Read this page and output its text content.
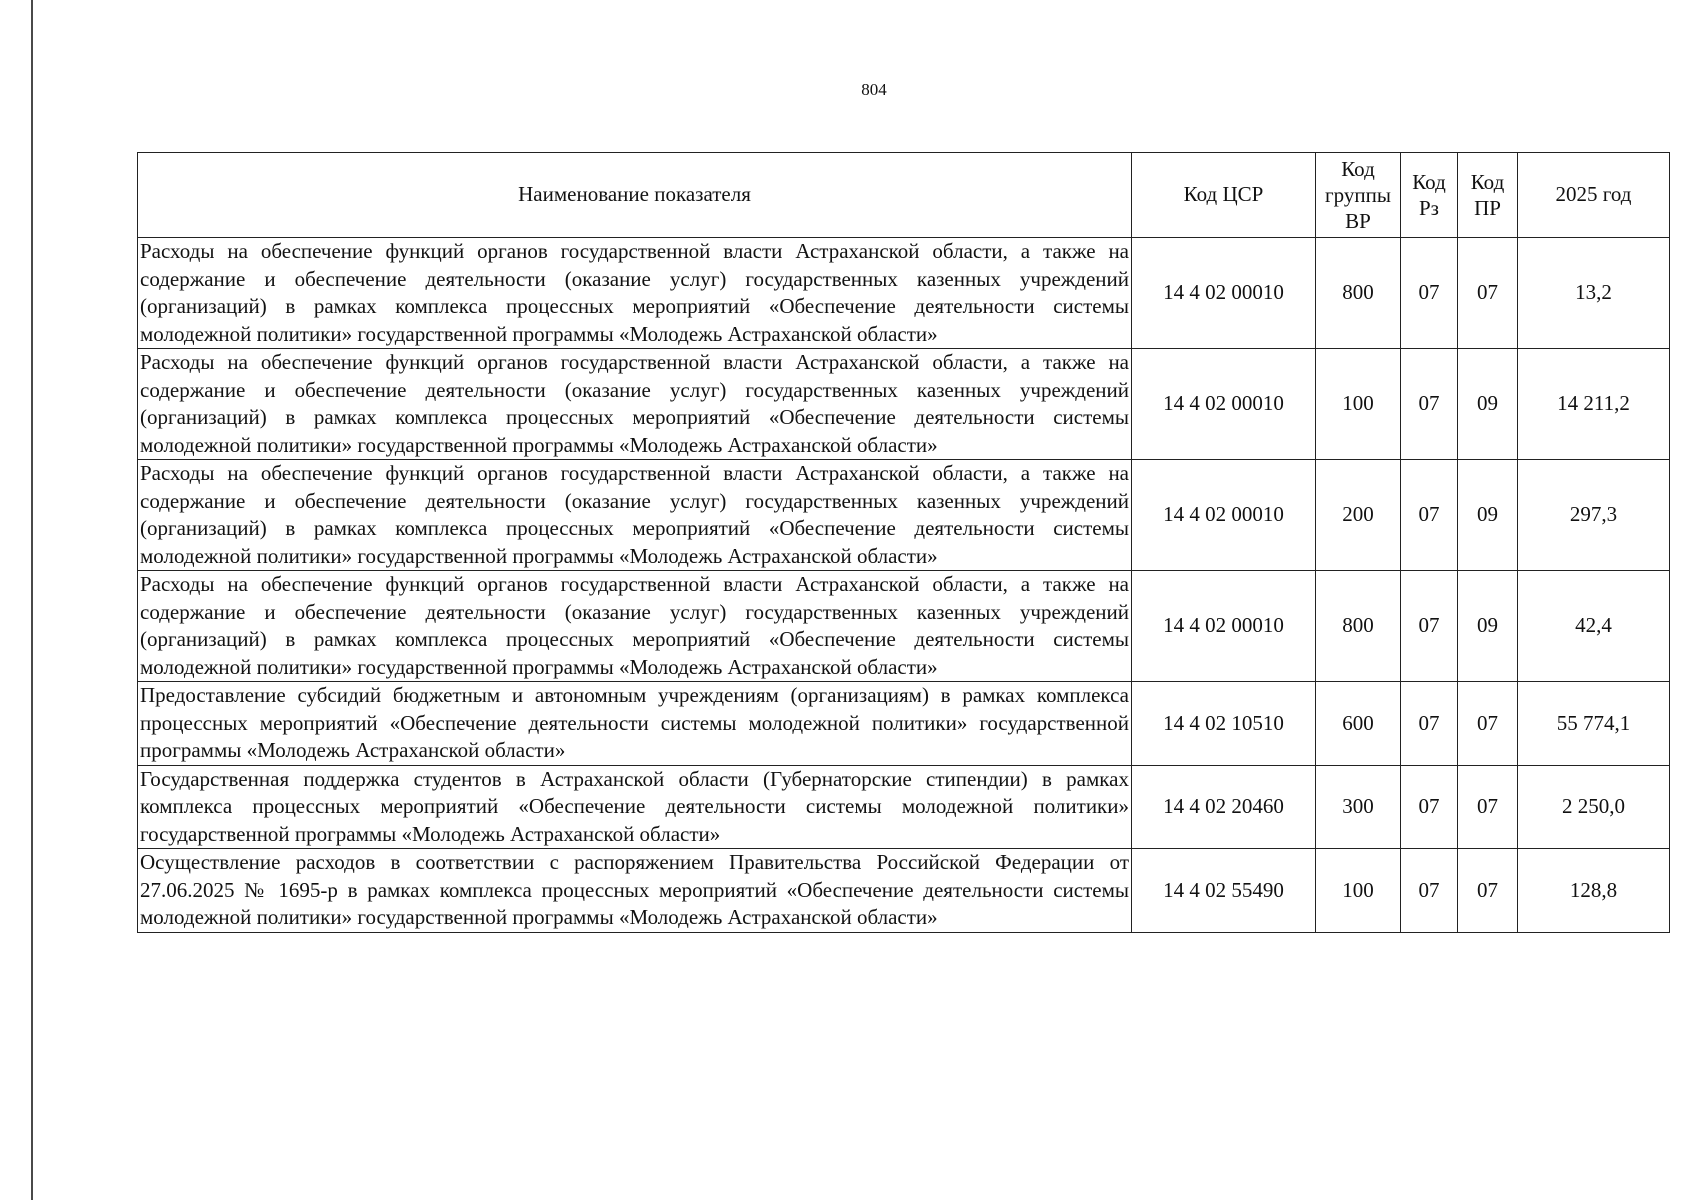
804
Наименование показателя	Код ЦСР	Код группы ВР	Код Рз	Код ПР	2025 год
Расходы на обеспечение функций органов государственной власти Астраханской области, а также на содержание и обеспечение деятельности (оказание услуг) государственных казенных учреждений (организаций) в рамках комплекса процессных мероприятий «Обеспечение деятельности системы молодежной политики» государственной программы «Молодежь Астраханской области»	14 4 02 00010	800	07	07	13,2
Расходы на обеспечение функций органов государственной власти Астраханской области, а также на содержание и обеспечение деятельности (оказание услуг) государственных казенных учреждений (организаций) в рамках комплекса процессных мероприятий «Обеспечение деятельности системы молодежной политики» государственной программы «Молодежь Астраханской области»	14 4 02 00010	100	07	09	14 211,2
Расходы на обеспечение функций органов государственной власти Астраханской области, а также на содержание и обеспечение деятельности (оказание услуг) государственных казенных учреждений (организаций) в рамках комплекса процессных мероприятий «Обеспечение деятельности системы молодежной политики» государственной программы «Молодежь Астраханской области»	14 4 02 00010	200	07	09	297,3
Расходы на обеспечение функций органов государственной власти Астраханской области, а также на содержание и обеспечение деятельности (оказание услуг) государственных казенных учреждений (организаций) в рамках комплекса процессных мероприятий «Обеспечение деятельности системы молодежной политики» государственной программы «Молодежь Астраханской области»	14 4 02 00010	800	07	09	42,4
Предоставление субсидий бюджетным и автономным учреждениям (организациям) в рамках комплекса процессных мероприятий «Обеспечение деятельности системы молодежной политики» государственной программы «Молодежь Астраханской области»	14 4 02 10510	600	07	07	55 774,1
Государственная поддержка студентов в Астраханской области (Губернаторские стипендии) в рамках комплекса процессных мероприятий «Обеспечение деятельности системы молодежной политики» государственной программы «Молодежь Астраханской области»	14 4 02 20460	300	07	07	2 250,0
Осуществление расходов в соответствии с распоряжением Правительства Российской Федерации от 27.06.2025 № 1695-р в рамках комплекса процессных мероприятий «Обеспечение деятельности системы молодежной политики» государственной программы «Молодежь Астраханской области»	14 4 02 55490	100	07	07	128,8
